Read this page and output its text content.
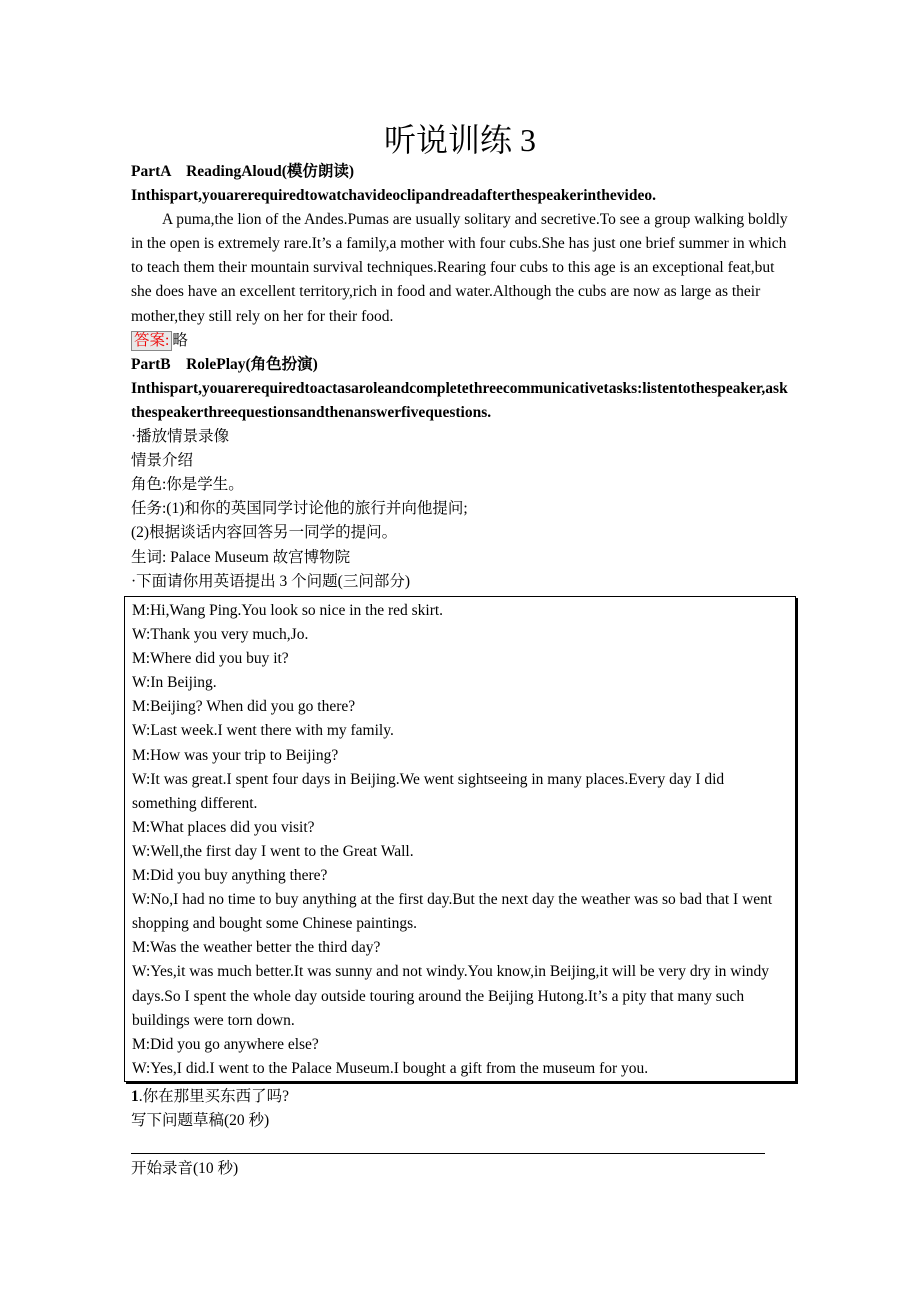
听说训练 3
PartA    ReadingAloud(模仿朗读)
Inthispart,youarerequiredtowatchavideoclipandreadafterthespeakerinthevideo.
A puma,the lion of the Andes.Pumas are usually solitary and secretive.To see a group walking boldly in the open is extremely rare.It’s a family,a mother with four cubs.She has just one brief summer in which to teach them their mountain survival techniques.Rearing four cubs to this age is an exceptional feat,but she does have an excellent territory,rich in food and water.Although the cubs are now as large as their mother,they still rely on her for their food.
答案: 略
PartB    RolePlay(角色扮演)
Inthispart,youarerequiredtoactasaroleandcompletethreecommunicativetasks:listentothespeaker,askthespeakerthreequestionsandthenanswerfivequestions.
·播放情景录像
情景介绍
角色:你是学生。
任务:(1)和你的英国同学讨论他的旅行并向他提问;
(2)根据谈话内容回答另一同学的提问。
生词: Palace Museum 故宫博物院
·下面请你用英语提出 3 个问题(三问部分)
M:Hi,Wang Ping.You look so nice in the red skirt.
W:Thank you very much,Jo.
M:Where did you buy it?
W:In Beijing.
M:Beijing? When did you go there?
W:Last week.I went there with my family.
M:How was your trip to Beijing?
W:It was great.I spent four days in Beijing.We went sightseeing in many places.Every day I did something different.
M:What places did you visit?
W:Well,the first day I went to the Great Wall.
M:Did you buy anything there?
W:No,I had no time to buy anything at the first day.But the next day the weather was so bad that I went shopping and bought some Chinese paintings.
M:Was the weather better the third day?
W:Yes,it was much better.It was sunny and not windy.You know,in Beijing,it will be very dry in windy days.So I spent the whole day outside touring around the Beijing Hutong.It’s a pity that many such buildings were torn down.
M:Did you go anywhere else?
W:Yes,I did.I went to the Palace Museum.I bought a gift from the museum for you.
1.你在那里买东西了吗?
写下问题草稿(20 秒)
开始录音(10 秒)
